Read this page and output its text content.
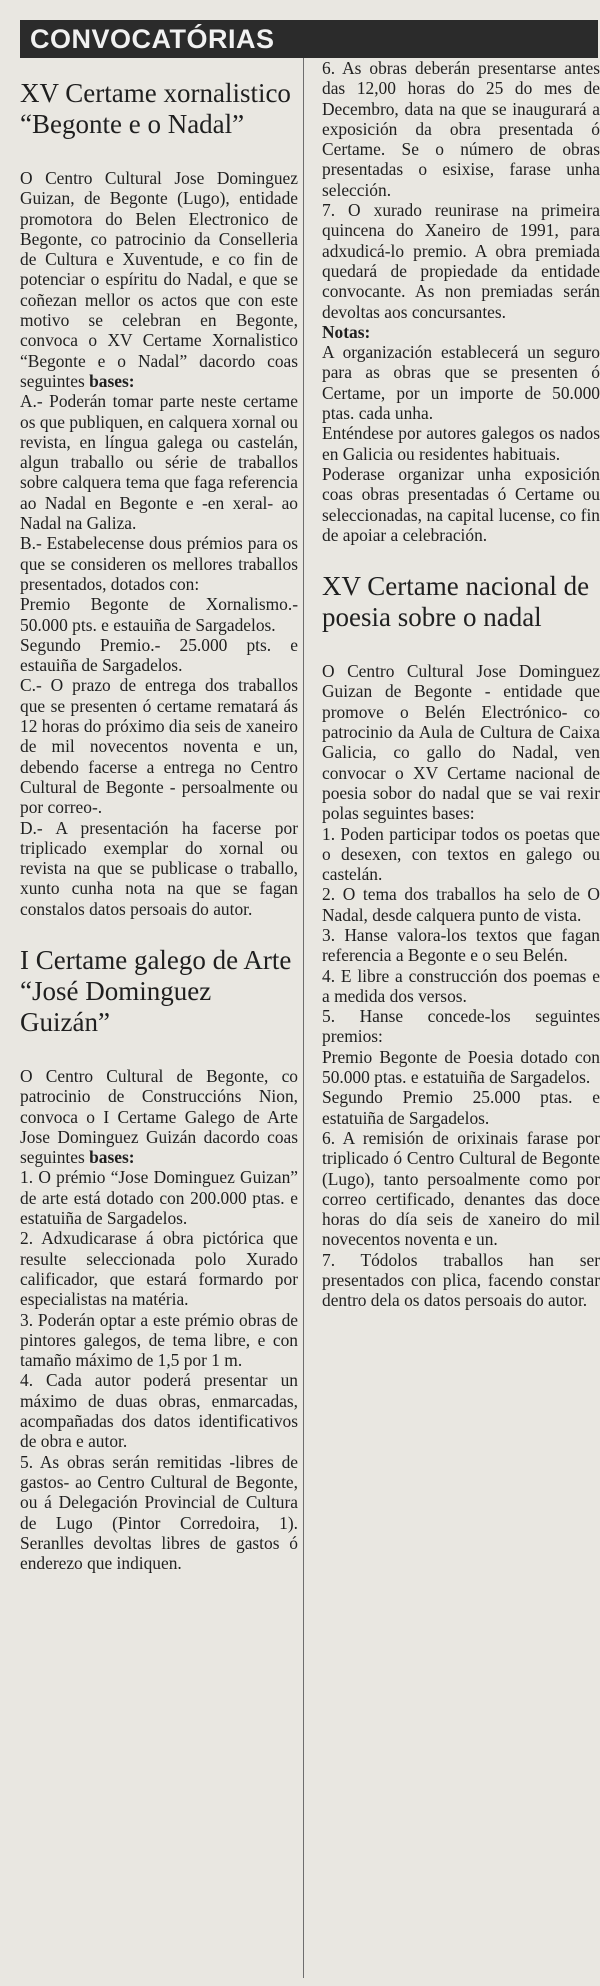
CONVOCATÓRIAS
XV Certame xornalistico “Begonte e o Nadal”

O Centro Cultural Jose Dominguez Guizan, de Begonte (Lugo), entidade promotora do Belen Electronico de Begonte, co patrocinio da Conselleria de Cultura e Xuventude, e co fin de potenciar o espíritu do Nadal, e que se coñezan mellor os actos que con este motivo se celebran en Begonte, convoca o XV Certame Xornalistico “Begonte e o Nadal” dacordo coas seguintes bases:

A.- Poderán tomar parte neste certame os que publiquen, en calquera xornal ou revista, en língua galega ou castelán, algun traballo ou série de traballos sobre calquera tema que faga referencia ao Nadal en Begonte e -en xeral- ao Nadal na Galiza.

B.- Estabelecense dous prémios para os que se consideren os mellores traballos presentados, dotados con:

Premio Begonte de Xornalismo.- 50.000 pts. e estauiña de Sargadelos.

Segundo Premio.- 25.000 pts. e estauiña de Sargadelos.

C.- O prazo de entrega dos traballos que se presenten ó certame rematará ás 12 horas do próximo dia seis de xaneiro de mil novecentos noventa e un, debendo facerse a entrega no Centro Cultural de Begonte - persoalmente ou por correo-.

D.- A presentación ha facerse por triplicado exemplar do xornal ou revista na que se publicase o traballo, xunto cunha nota na que se fagan constalos datos persoais do autor.

I Certame galego de Arte “José Dominguez Guizán”

O Centro Cultural de Begonte, co patrocinio de Construccións Nion, convoca o I Certame Galego de Arte Jose Dominguez Guizán dacordo coas seguintes bases:

1. O prémio “Jose Dominguez Guizan” de arte está dotado con 200.000 ptas. e estatuiña de Sargadelos.

2. Adxudicarase á obra pictórica que resulte seleccionada polo Xurado calificador, que estará formardo por especialistas na matéria.

3. Poderán optar a este prémio obras de pintores galegos, de tema libre, e con tamaño máximo de 1,5 por 1 m.

4. Cada autor poderá presentar un máximo de duas obras, enmarcadas, acompañadas dos datos identificativos de obra e autor.

5. As obras serán remitidas -libres de gastos- ao Centro Cultural de Begonte, ou á Delegación Provincial de Cultura de Lugo (Pintor Corredoira, 1). Seranlles devoltas libres de gastos ó enderezo que indiquen.

6. As obras deberán presentarse antes das 12,00 horas do 25 do mes de Decembro, data na que se inaugurará a exposición da obra presentada ó Certame. Se o número de obras presentadas o esixise, farase unha selección.

7. O xurado reunirase na primeira quincena do Xaneiro de 1991, para adxudicá-lo premio. A obra premiada quedará de propiedade da entidade convocante. As non premiadas serán devoltas aos concursantes.

Notas:

A organización establecerá un seguro para as obras que se presenten ó Certame, por un importe de 50.000 ptas. cada unha.

Enténdese por autores galegos os nados en Galicia ou residentes habituais.

Poderase organizar unha exposición coas obras presentadas ó Certame ou seleccionadas, na capital lucense, co fin de apoiar a celebración.

XV Certame nacional de poesia sobre o nadal

O Centro Cultural Jose Dominguez Guizan de Begonte - entidade que promove o Belén Electrónico- co patrocinio da Aula de Cultura de Caixa Galicia, co gallo do Nadal, ven convocar o XV Certame nacional de poesia sobor do nadal que se vai rexir polas seguintes bases:

1. Poden participar todos os poetas que o desexen, con textos en galego ou castelán.

2. O tema dos traballos ha selo de O Nadal, desde calquera punto de vista.

3. Hanse valora-los textos que fagan referencia a Begonte e o seu Belén.

4. E libre a construcción dos poemas e a medida dos versos.

5. Hanse concede-los seguintes premios:

Premio Begonte de Poesia dotado con 50.000 ptas. e estatuiña de Sargadelos.

Segundo Premio 25.000 ptas. e estatuiña de Sargadelos.

6. A remisión de orixinais farase por triplicado ó Centro Cultural de Begonte (Lugo), tanto persoalmente como por correo certificado, denantes das doce horas do día seis de xaneiro do mil novecentos noventa e un.

7. Tódolos traballos han ser presentados con plica, facendo constar dentro dela os datos persoais do autor.
